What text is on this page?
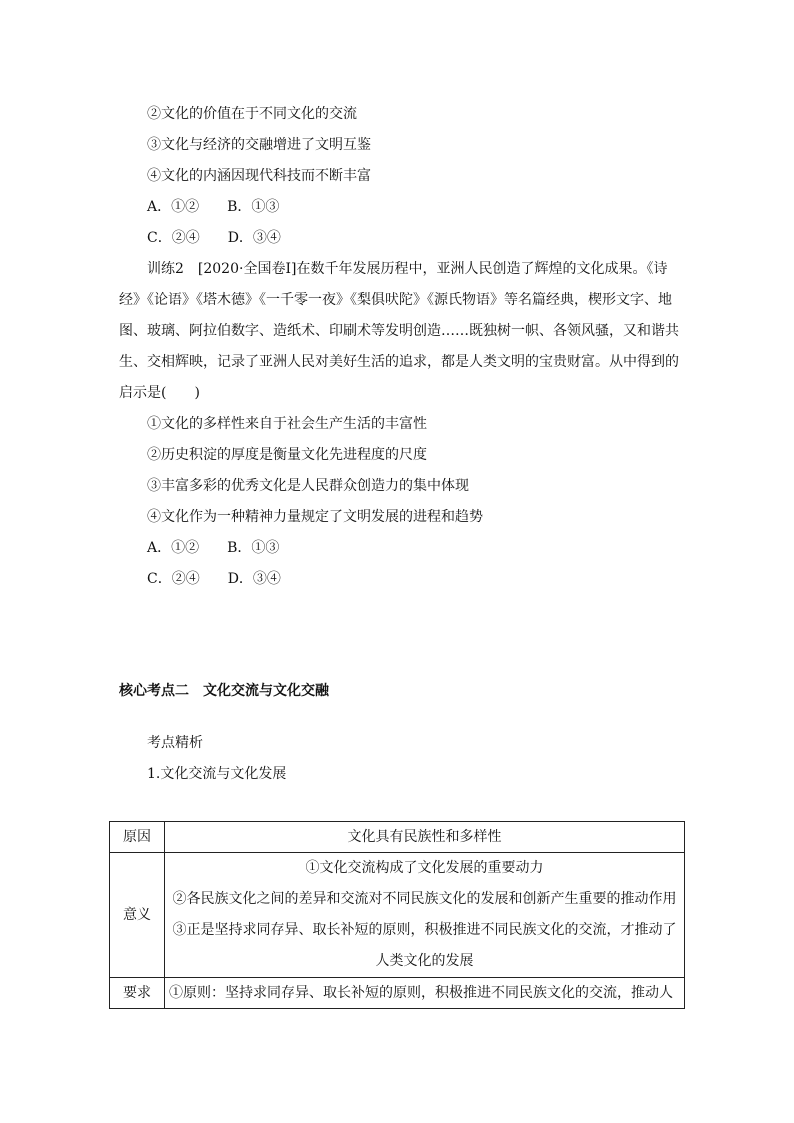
②文化的价值在于不同文化的交流
③文化与经济的交融增进了文明互鉴
④文化的内涵因现代科技而不断丰富
A．①②　　B．①③
C．②④　　D．③④
训练2　[2020·全国卷Ⅰ]在数千年发展历程中，亚洲人民创造了辉煌的文化成果。《诗
经》《论语》《塔木德》《一千零一夜》《梨俱吠陀》《源氏物语》等名篇经典，楔形文字、地
图、玻璃、阿拉伯数字、造纸术、印刷术等发明创造……既独树一帜、各领风骚，又和谐共
生、交相辉映，记录了亚洲人民对美好生活的追求，都是人类文明的宝贵财富。从中得到的
启示是(　　)
①文化的多样性来自于社会生产生活的丰富性
②历史积淀的厚度是衡量文化先进程度的尺度
③丰富多彩的优秀文化是人民群众创造力的集中体现
④文化作为一种精神力量规定了文明发展的进程和趋势
A．①②　　B．①③
C．②④　　D．③④
核心考点二　文化交流与文化交融
考点精析
1.文化交流与文化发展
原因	文化具有民族性和多样性
意义	①文化交流构成了文化发展的重要动力
②各民族文化之间的差异和交流对不同民族文化的发展和创新产生重要的推动作用
③正是坚持求同存异、取长补短的原则，积极推进不同民族文化的交流，才推动了
人类文化的发展

要求	①原则：坚持求同存异、取长补短的原则，积极推进不同民族文化的交流，推动人
